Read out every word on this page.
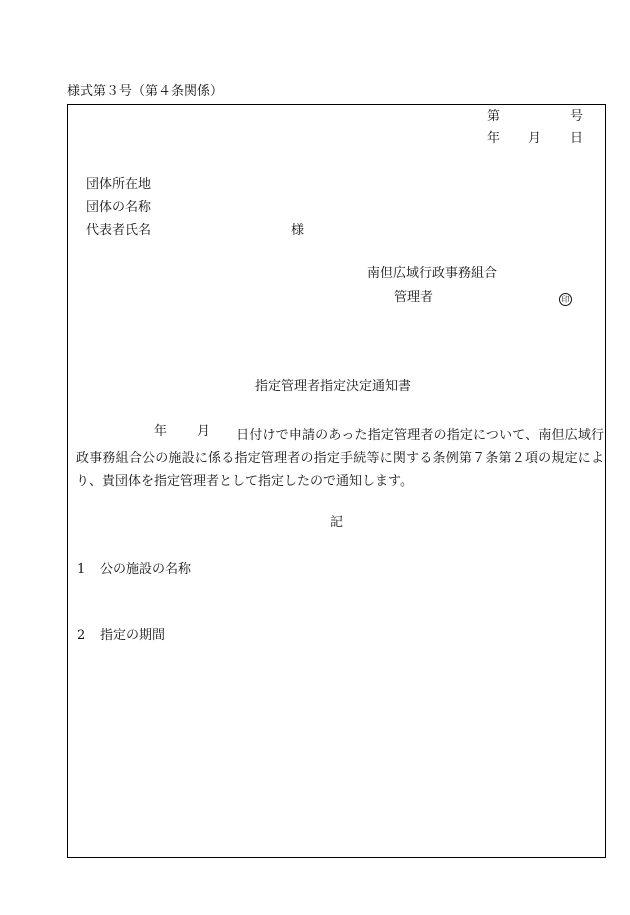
様式第３号（第４条関係）
第	号
年 月 日
団体所在地
団体の名称
代表者氏名	様
南但広域行政事務組合
管理者	印
指定管理者指定決定通知書
年 月	日付けで申請のあった指定管理者の指定について、南但広域行政事務組合公の施設に係る指定管理者の指定手続等に関する条例第７条第２項の規定により、貴団体を指定管理者として指定したので通知します。
記
1 公の施設の名称
2 指定の期間
